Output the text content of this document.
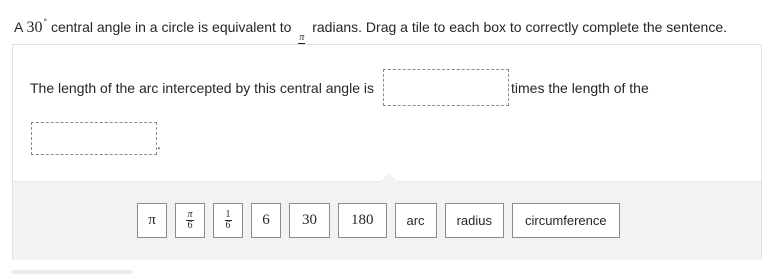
A 30° central angle in a circle is equivalent to
π
radians. Drag a tile to each box to correctly complete the sentence.
The length of the arc intercepted by this central angle is	times the length of the
.
π	$\frac{\pi}{6}$	$\frac{1}{6} 6$ 30 180	arc radius	circumference
